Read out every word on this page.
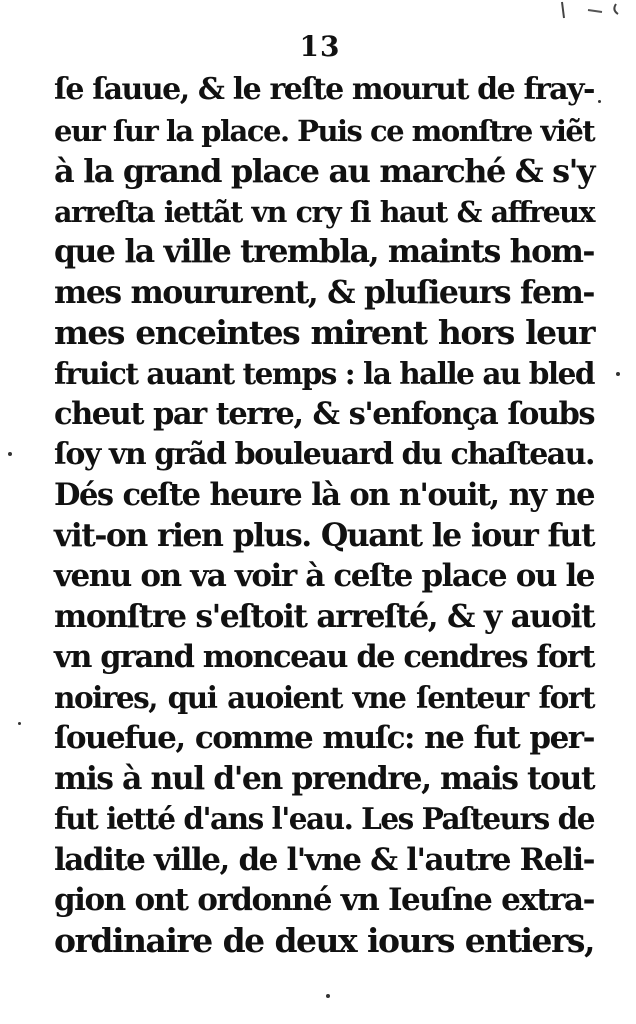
13
ſe ſauue, & le reſte mourut de fray-
eur ſur la place. Puis ce monſtre viẽt
à la grand place au marché & s'y
arreſta iettãt vn cry ſi haut & affreux
que la ville trembla, maints hom-
mes moururent, & pluſieurs fem-
mes enceintes mirent hors leur
fruict auant temps : la halle au bled
cheut par terre, & s'enfonça ſoubs
ſoy vn grãd bouleuard du chaſteau.
Dés ceſte heure là on n'ouit, ny ne
vit-on rien plus. Quant le iour fut
venu on va voir à ceſte place ou le
monſtre s'eſtoit arreſté, & y auoit
vn grand monceau de cendres fort
noires, qui auoient vne ſenteur fort
ſouefue, comme muſc: ne fut per-
mis à nul d'en prendre, mais tout
fut ietté d'ans l'eau. Les Paſteurs de
ladite ville, de l'vne & l'autre Reli-
gion ont ordonné vn Ieuſne extra-
ordinaire de deux iours entiers,
